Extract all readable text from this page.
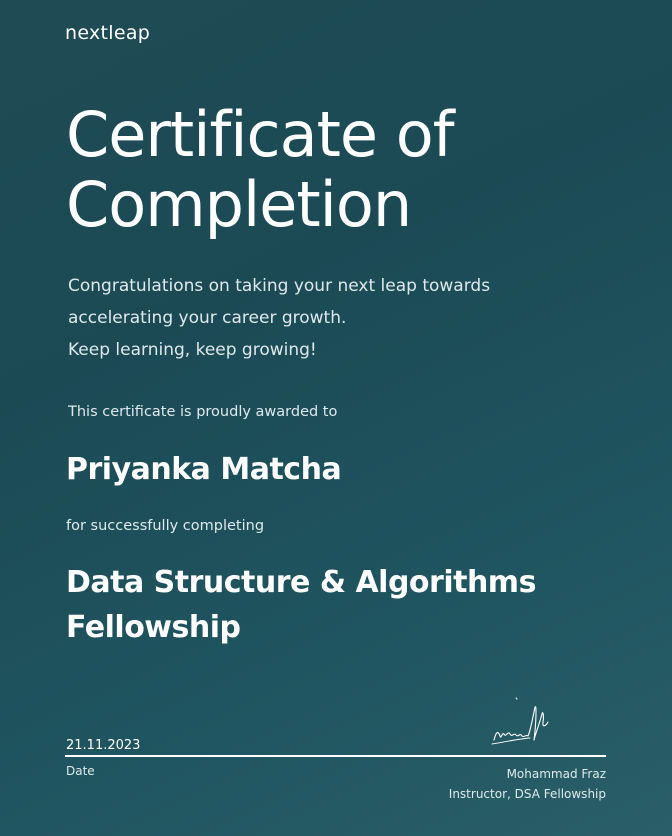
nextleap
Certificate of
Completion
Congratulations on taking your next leap towards
accelerating your career growth.
Keep learning, keep growing!
This certificate is proudly awarded to
Priyanka Matcha
for successfully completing
Data Structure & Algorithms
Fellowship
21.11.2023
Date	Mohammad Fraz
Instructor, DSA Fellowship
